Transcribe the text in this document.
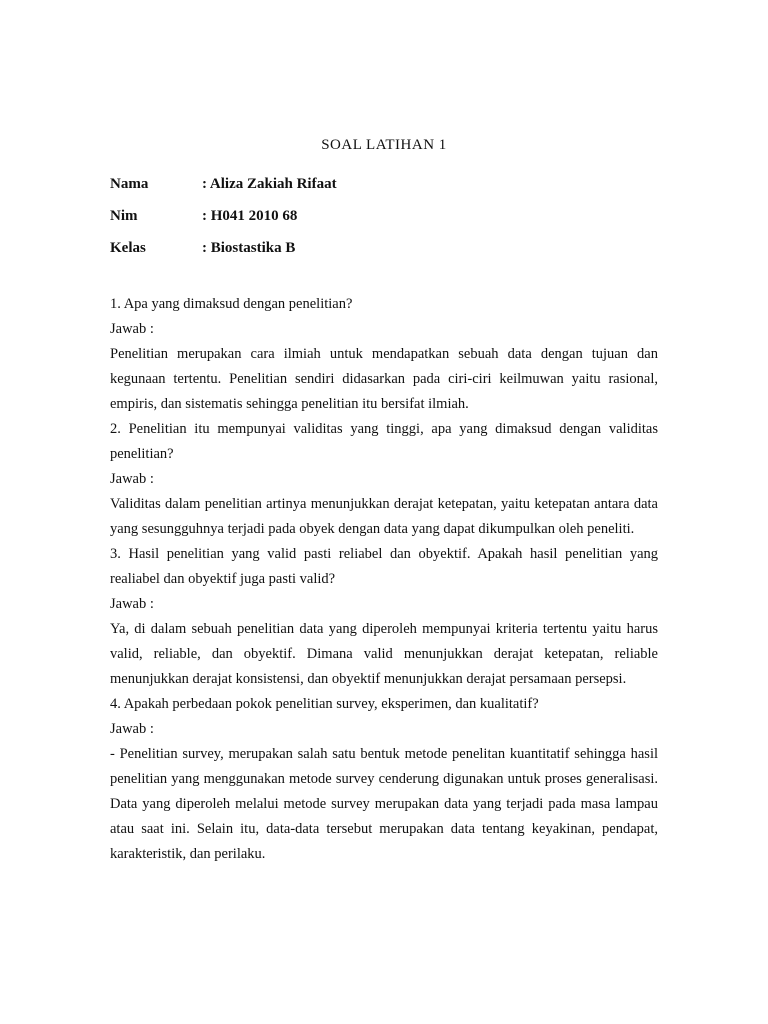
SOAL LATIHAN 1
Nama	: Aliza Zakiah Rifaat
Nim	: H041 2010 68
Kelas	: Biostastika B

1. Apa yang dimaksud dengan penelitian?

Jawab :

Penelitian merupakan cara ilmiah untuk mendapatkan sebuah data dengan tujuan dan kegunaan tertentu. Penelitian sendiri didasarkan pada ciri-ciri keilmuwan yaitu rasional, empiris, dan sistematis sehingga penelitian itu bersifat ilmiah.

2. Penelitian itu mempunyai validitas yang tinggi, apa yang dimaksud dengan validitas penelitian?

Jawab :

Validitas dalam penelitian artinya menunjukkan derajat ketepatan, yaitu ketepatan antara data yang sesungguhnya terjadi pada obyek dengan data yang dapat dikumpulkan oleh peneliti.

3. Hasil penelitian yang valid pasti reliabel dan obyektif. Apakah hasil penelitian yang realiabel dan obyektif juga pasti valid?

Jawab :

Ya, di dalam sebuah penelitian data yang diperoleh mempunyai kriteria tertentu yaitu harus valid, reliable, dan obyektif. Dimana valid menunjukkan derajat ketepatan, reliable menunjukkan derajat konsistensi, dan obyektif menunjukkan derajat persamaan persepsi.

4. Apakah perbedaan pokok penelitian survey, eksperimen, dan kualitatif?

Jawab :

- Penelitian survey, merupakan salah satu bentuk metode penelitan kuantitatif sehingga hasil penelitian yang menggunakan metode survey cenderung digunakan untuk proses generalisasi. Data yang diperoleh melalui metode survey merupakan data yang terjadi pada masa lampau atau saat ini. Selain itu, data-data tersebut merupakan data tentang keyakinan, pendapat, karakteristik, dan perilaku.
